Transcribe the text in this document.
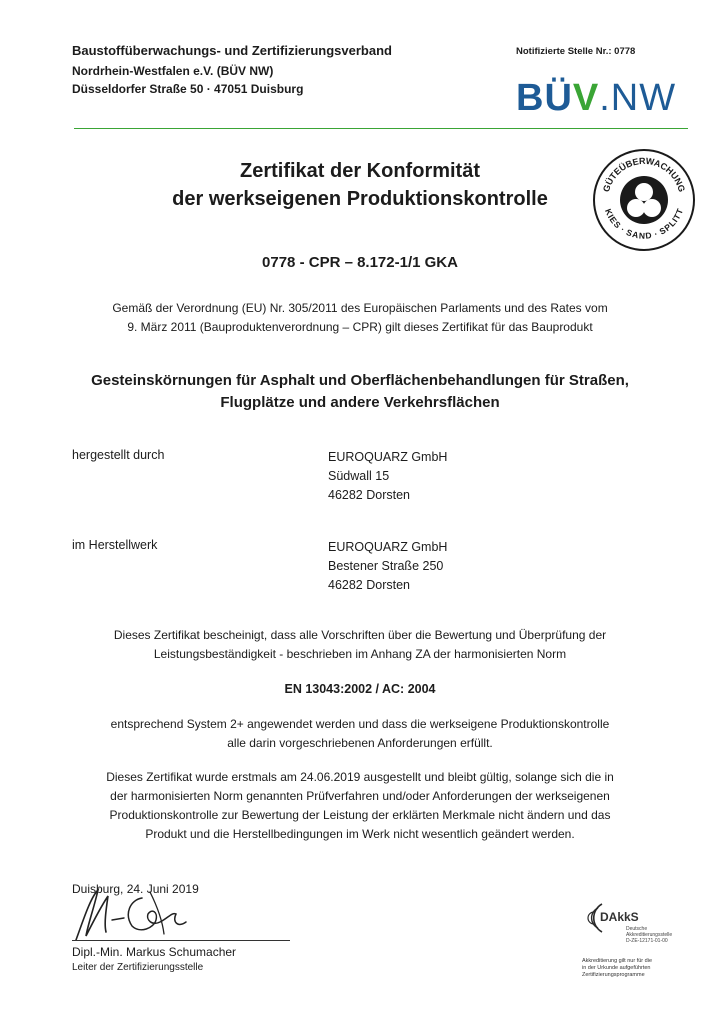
Baustoffüberwachungs- und Zertifizierungsverband
Nordrhein-Westfalen e.V. (BÜV NW)
Düsseldorfer Straße 50 · 47051 Duisburg
Notifizierte Stelle Nr.: 0778
BÜV.NW
Zertifikat der Konformität
der werkseigenen Produktionskontrolle	GÜTEÜBERWACHUNG
KIES · SAND · SPLITT
0778 - CPR – 8.172-1/1 GKA
Gemäß der Verordnung (EU) Nr. 305/2011 des Europäischen Parlaments und des Rates vom
9. März 2011 (Bauproduktenverordnung – CPR) gilt dieses Zertifikat für das Bauprodukt
Gesteinskörnungen für Asphalt und Oberflächenbehandlungen für Straßen,
Flugplätze und andere Verkehrsflächen
hergestellt durch	EUROQUARZ GmbH
Südwall 15
46282 Dorsten
im Herstellwerk	EUROQUARZ GmbH
Bestener Straße 250
46282 Dorsten
Dieses Zertifikat bescheinigt, dass alle Vorschriften über die Bewertung und Überprüfung der
Leistungsbeständigkeit - beschrieben im Anhang ZA der harmonisierten Norm
EN 13043:2002 / AC: 2004
entsprechend System 2+ angewendet werden und dass die werkseigene Produktionskontrolle
alle darin vorgeschriebenen Anforderungen erfüllt.
Dieses Zertifikat wurde erstmals am 24.06.2019 ausgestellt und bleibt gültig, solange sich die in
der harmonisierten Norm genannten Prüfverfahren und/oder Anforderungen der werkseigenen
Produktionskontrolle zur Bewertung der Leistung der erklärten Merkmale nicht ändern und das
Produkt und die Herstellbedingungen im Werk nicht wesentlich geändert werden.
Duisburg, 24. Juni 2019
Dipl.-Min. Markus Schumacher
Leiter der Zertifizierungsstelle
DAkkS
Deutsche
Akkreditierungsstelle
D-ZE-12171-01-00
Akkreditierung gilt nur für die
in der Urkunde aufgeführten
Zertifizierungsprogramme
